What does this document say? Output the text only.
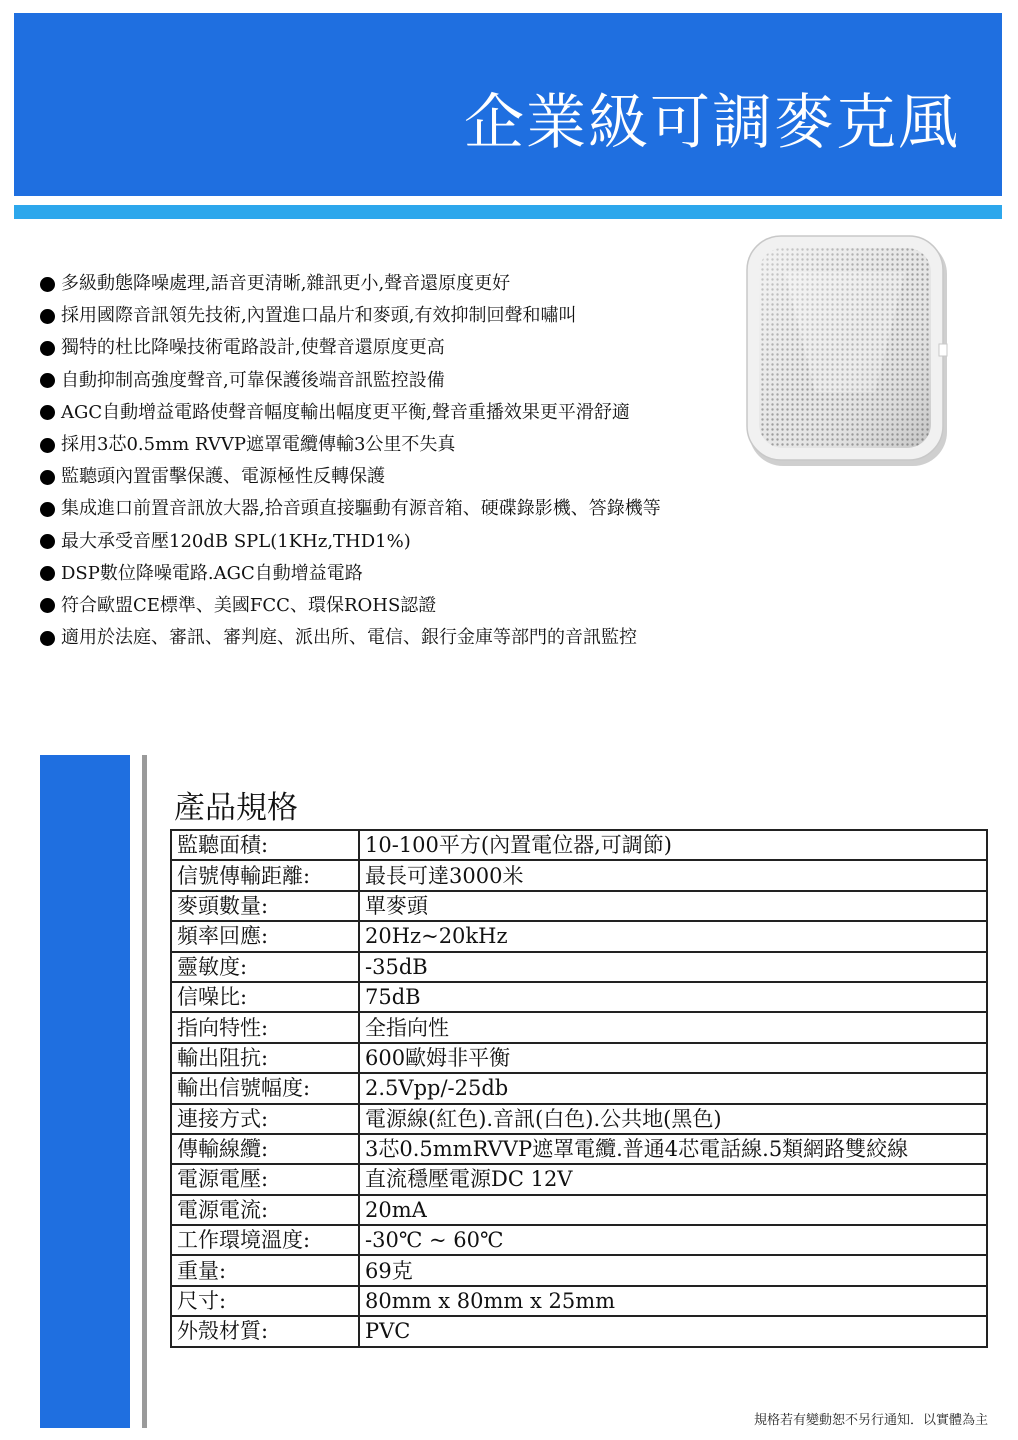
企業級可調麥克風
多級動態降噪處理,語音更清晰,雜訊更小,聲音還原度更好
採用國際音訊領先技術,內置進口晶片和麥頭,有效抑制回聲和嘯叫
獨特的杜比降噪技術電路設計,使聲音還原度更高
自動抑制高強度聲音,可靠保護後端音訊監控設備
AGC自動增益電路使聲音幅度輸出幅度更平衡,聲音重播效果更平滑舒適
採用3芯0.5mm RVVP遮罩電纜傳輸3公里不失真
監聽頭內置雷擊保護、電源極性反轉保護
集成進口前置音訊放大器,拾音頭直接驅動有源音箱、硬碟錄影機、答錄機等
最大承受音壓120dB SPL(1KHz,THD1%)
DSP數位降噪電路.AGC自動增益電路
符合歐盟CE標準、美國FCC、環保ROHS認證
適用於法庭、審訊、審判庭、派出所、電信、銀行金庫等部門的音訊監控
產品規格
監聽面積:	10-100平方(內置電位器,可調節)
信號傳輸距離:	最長可達3000米
麥頭數量:	單麥頭
頻率回應:	20Hz~20kHz
靈敏度:	-35dB
信噪比:	75dB
指向特性:	全指向性
輸出阻抗:	600歐姆非平衡
輸出信號幅度:	2.5Vpp/-25db
連接方式:	電源線(紅色).音訊(白色).公共地(黑色)
傳輸線纜:	3芯0.5mmRVVP遮罩電纜.普通4芯電話線.5類網路雙絞線
電源電壓:	直流穩壓電源DC 12V
電源電流:	20mA
工作環境溫度:	-30℃ ~ 60℃
重量:	69克
尺寸:	80mm x 80mm x 25mm
外殼材質:	PVC
規格若有變動恕不另行通知．以實體為主
